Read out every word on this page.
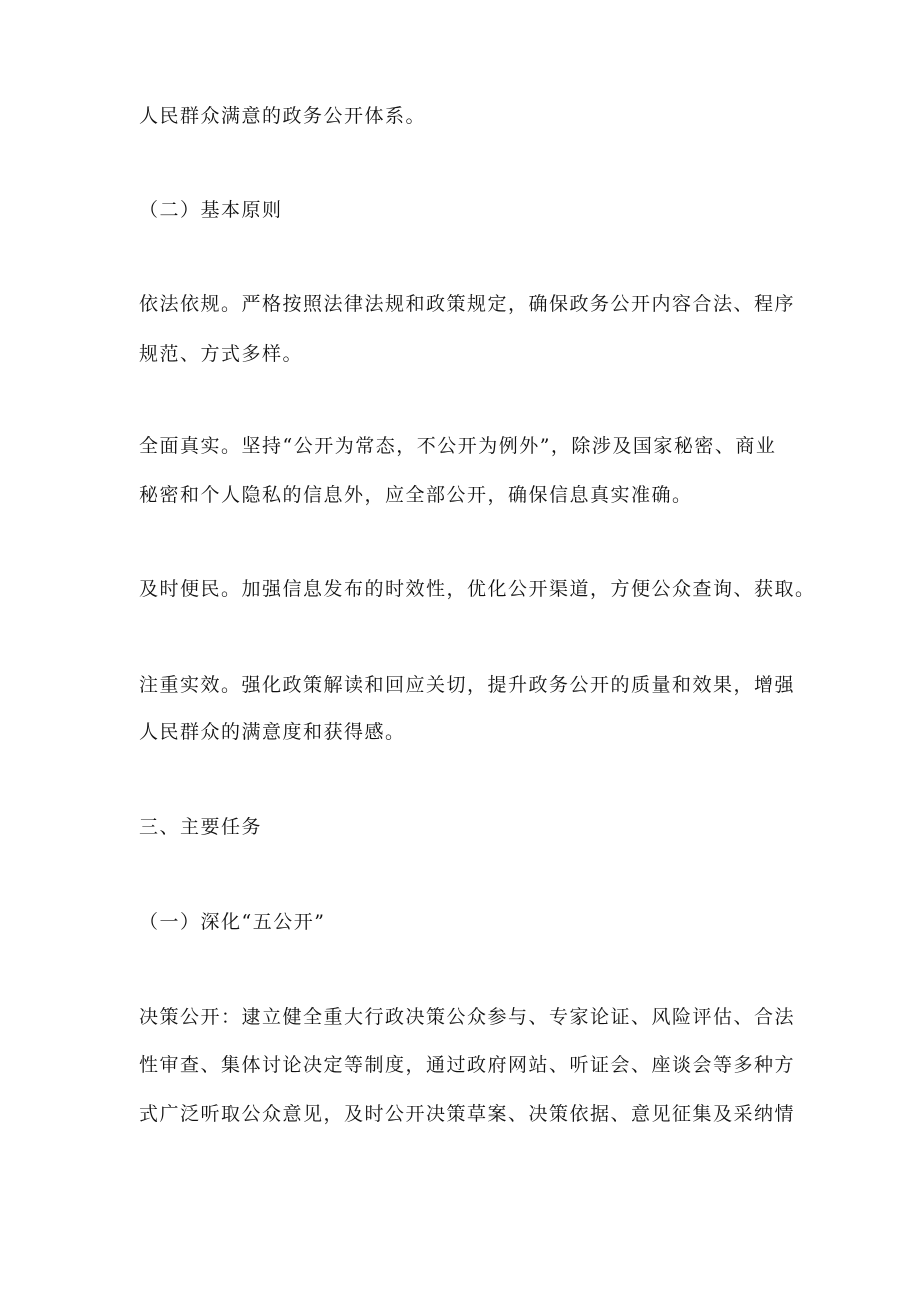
人民群众满意的政务公开体系。
（二）基本原则
依法依规。严格按照法律法规和政策规定，确保政务公开内容合法、程序
规范、方式多样。
全面真实。坚持“公开为常态，不公开为例外”，除涉及国家秘密、商业
秘密和个人隐私的信息外，应全部公开，确保信息真实准确。
及时便民。加强信息发布的时效性，优化公开渠道，方便公众查询、获取。
注重实效。强化政策解读和回应关切，提升政务公开的质量和效果，增强
人民群众的满意度和获得感。
三、主要任务
（一）深化“五公开”
决策公开：逮立健全重大行政决策公众参与、专家论证、风险评估、合法
性审查、集体讨论决定等制度，通过政府网站、听证会、座谈会等多种方
式广泛听取公众意见，及时公开决策草案、决策依据、意见征集及采纳情
